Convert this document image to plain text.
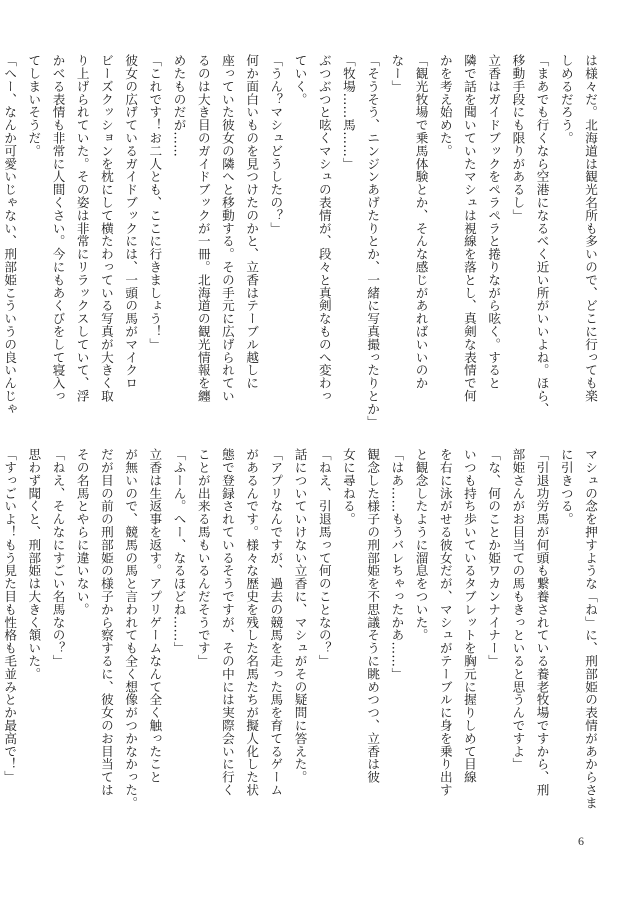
は様々だ。北海道は観光名所も多いので、どこに行っても楽

しめるだろう。

「まあでも行くなら空港になるべく近い所がいいよね。ほら、

移動手段にも限りがあるし」

立香はガイドブックをペラペラと捲りながら呟く。すると

隣で話を聞いていたマシュは視線を落とし、真剣な表情で何

かを考え始めた。

「観光牧場で乗馬体験とか、そんな感じがあればいいのか

なー」

「そうそう、ニンジンあげたりとか、一緒に写真撮ったりとか」

「牧場……馬……」

ぶつぶつと呟くマシュの表情が、段々と真剣なものへ変わっ

ていく。

「うん？マシュどうしたの？」

何か面白いものを見つけたのかと、立香はテーブル越しに

座っていた彼女の隣へと移動する。その手元に広げられてい

るのは大き目のガイドブックが一冊。北海道の観光情報を纏

めたものだが……

「これです！お二人とも、ここに行きましょう！」

彼女の広げているガイドブックには、一頭の馬がマイクロ

ビーズクッションを枕にして横たわっている写真が大きく取

り上げられていた。その姿は非常にリラックスしていて、浮

かべる表情も非常に人間くさい。今にもあくびをして寝入っ

てしまいそうだ。

「へー、なんか可愛いじゃない、刑部姫こういうの良いんじゃ

マシュの念を押すような「ね」に、刑部姫の表情があからさま

に引きつる。

「引退功労馬が何頭も繋養されている養老牧場ですから、刑

部姫さんがお目当ての馬もきっといると思うんですよ」

「な、何のことか姫ワカンナイナー」

いつも持ち歩いているタブレットを胸元に握りしめて目線

を右に泳がせる彼女だが、マシュがテーブルに身を乗り出す

と観念したように溜息をついた。

「はあ……もうバレちゃったかあ……」

観念した様子の刑部姫を不思議そうに眺めつつ、立香は彼

女に尋ねる。

「ねえ、引退馬って何のことなの？」

話についていけない立香に、マシュがその疑問に答えた。

「アプリなんですが、過去の競馬を走った馬を育てるゲーム

があるんです。様々な歴史を残した名馬たちが擬人化した状

態で登録されているそうですが、その中には実際会いに行く

ことが出来る馬もいるんだそうです」

「ふーん。へー、なるほどね……」

立香は生返事を返す。アプリゲームなんて全く触ったこと

が無いので、競馬の馬と言われても全く想像がつかなかった。

だが目の前の刑部姫の様子から察するに、彼女のお目当ては

その名馬とやらに違いない。

「ねえ、そんなにすごい名馬なの？」

思わず聞くと、刑部姫は大きく頷いた。

「すっごいよ！もう見た目も性格も毛並みとか最高で！」

6
